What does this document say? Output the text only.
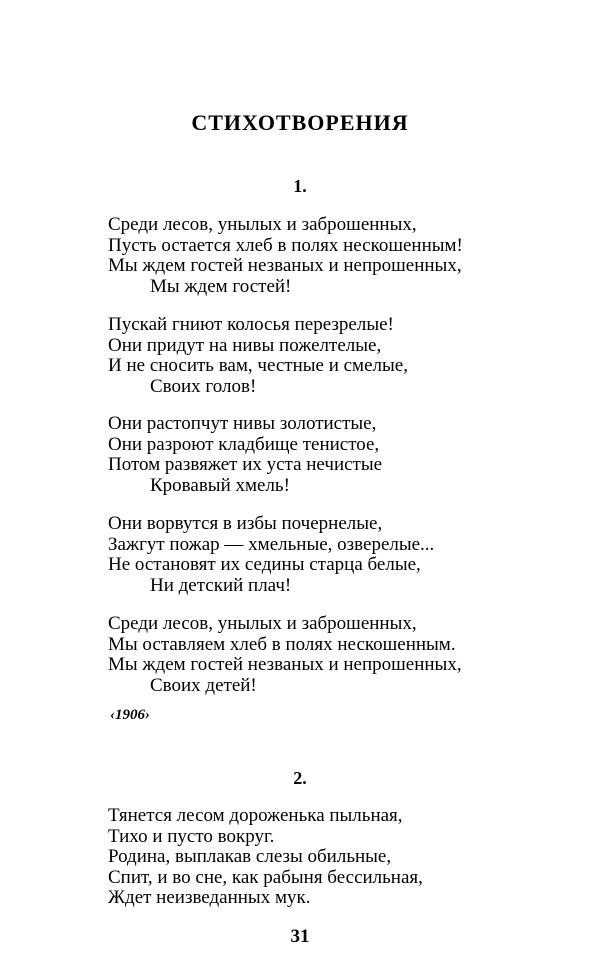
СТИХОТВОРЕНИЯ
1.
Среди лесов, унылых и заброшенных,
Пусть остается хлеб в полях нескошенным!
Мы ждем гостей незваных и непрошенных,
Мы ждем гостей!
Пускай гниют колосья перезрелые!
Они придут на нивы пожелтелые,
И не сносить вам, честные и смелые,
Своих голов!
Они растопчут нивы золотистые,
Они разроют кладбище тенистое,
Потом развяжет их уста нечистые
Кровавый хмель!
Они ворвутся в избы почернелые,
Зажгут пожар — хмельные, озверелые...
Не остановят их седины старца белые,
Ни детский плач!
Среди лесов, унылых и заброшенных,
Мы оставляем хлеб в полях нескошенным.
Мы ждем гостей незваных и непрошенных,
Своих детей!
‹1906›
2.
Тянется лесом дороженька пыльная,
Тихо и пусто вокруг.
Родина, выплакав слезы обильные,
Спит, и во сне, как рабыня бессильная,
Ждет неизведанных мук.
31
